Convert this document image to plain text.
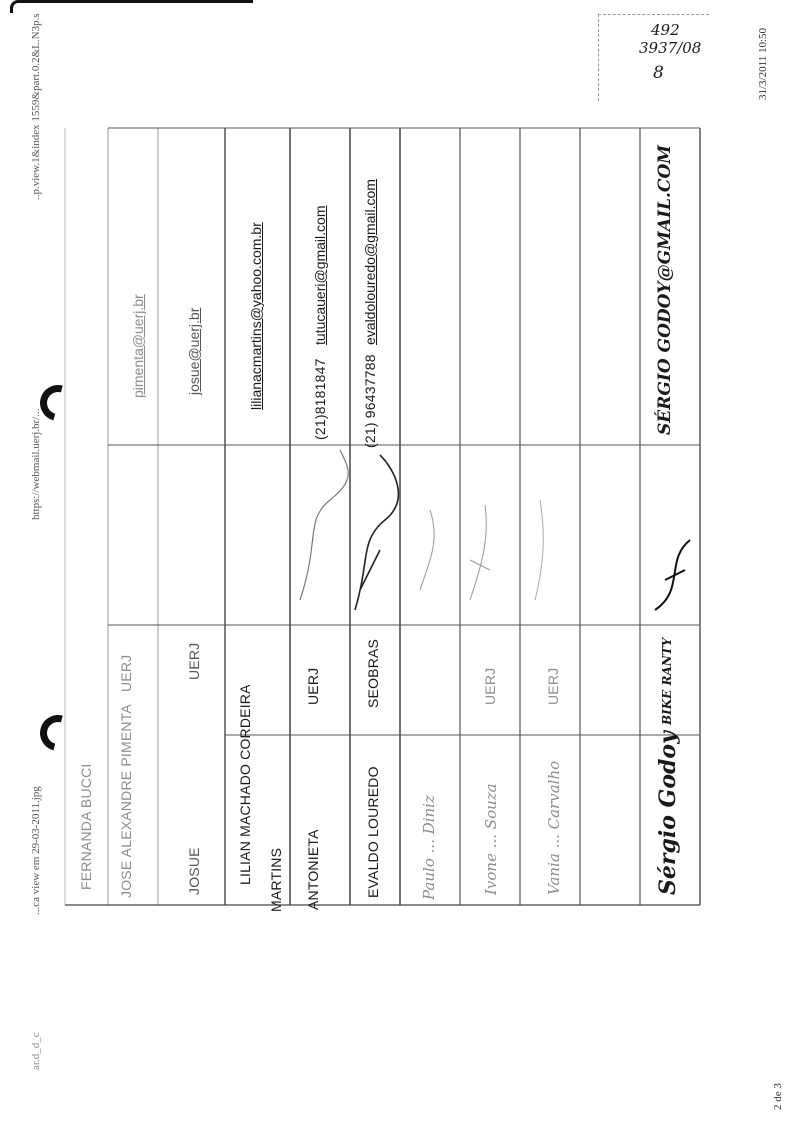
ar.d_d_c
...ca view em 29-03-2011.jpg
https://webmail.uerj.br/...
..p.view.1&index 1559&part.0.2&L.N3p.s	31/3/2011 10:50
2 de 3
492
3937/08
8
FERNANDA BUCCI JOSE ALEXANDRE PIMENTA
UERJ
pimenta@uerj.br
JOSUE
UERJ
josue@uerj.br
LILIAN MACHADO CORDEIRA MARTINS
lilianacmartins@yahoo.com.br
ANTONIETA
UERJ
(21)8181847
tutucaueri@gmail.com
EVALDO LOUREDO
SEOBRAS
(21) 96437788
evaldolouredo@gmail.com
Paulo ... Diniz	Ivone ... Souza
UERJ
Vania ... Carvalho
UERJ
Sérgio Godoy
BIKE RANTY
SÉRGIO GODOY@GMAIL.COM
